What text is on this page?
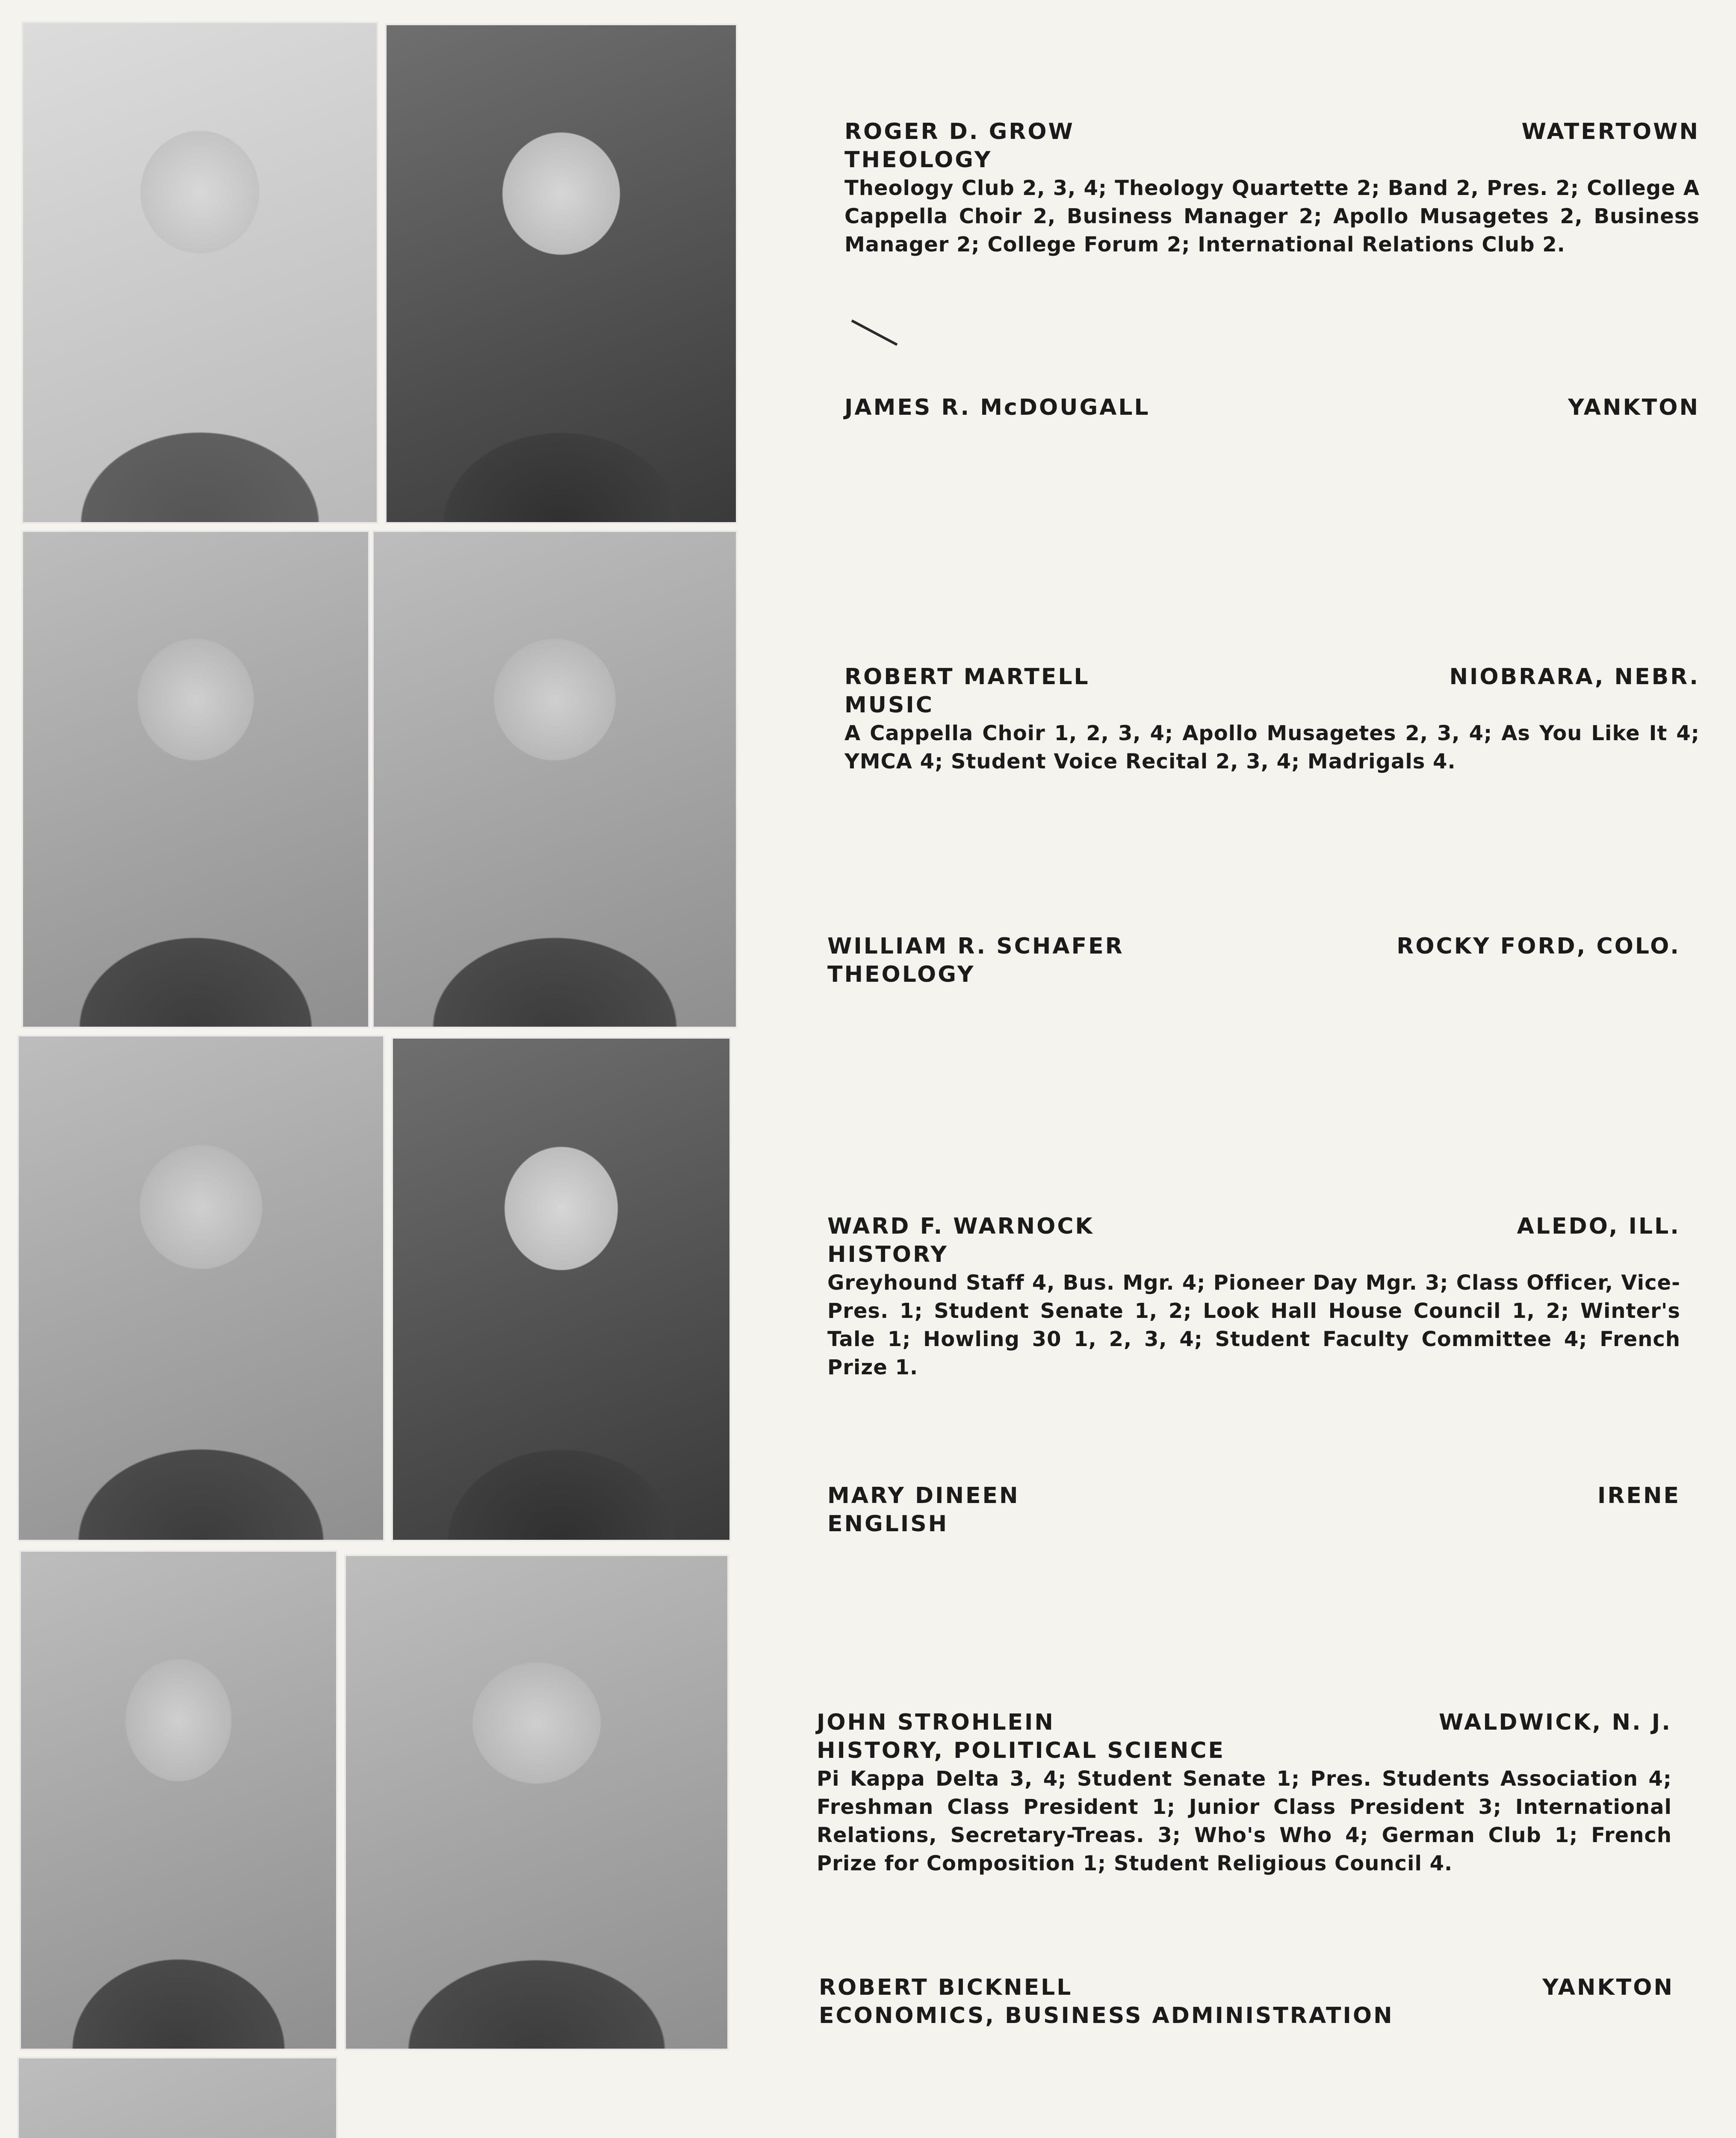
ROGER D. GROW	WATERTOWN
THEOLOGY

Theology Club 2, 3, 4; Theology Quartette 2; Band 2, Pres. 2; College A Cappella Choir 2, Business Manager 2; Apollo Musagetes 2, Business Manager 2; College Forum 2; International Relations Club 2.

JAMES R. McDOUGALL	YANKTON
ROBERT MARTELL	NIOBRARA, NEBR.
MUSIC

A Cappella Choir 1, 2, 3, 4; Apollo Musagetes 2, 3, 4; As You Like It 4; YMCA 4; Student Voice Recital 2, 3, 4; Madrigals 4.

WILLIAM R. SCHAFER	ROCKY FORD, COLO.
THEOLOGY
WARD F. WARNOCK	ALEDO, ILL.
HISTORY

Greyhound Staff 4, Bus. Mgr. 4; Pioneer Day Mgr. 3; Class Officer, Vice-Pres. 1; Student Senate 1, 2; Look Hall House Council 1, 2; Winter's Tale 1; Howling 30 1, 2, 3, 4; Student Faculty Committee 4; French Prize 1.

MARY DINEEN	IRENE
ENGLISH
JOHN STROHLEIN	WALDWICK, N. J.
HISTORY, POLITICAL SCIENCE

Pi Kappa Delta 3, 4; Student Senate 1; Pres. Students Association 4; Freshman Class President 1; Junior Class President 3; International Relations, Secretary-Treas. 3; Who's Who 4; German Club 1; French Prize for Composition 1; Student Religious Council 4.

ROBERT BICKNELL	YANKTON
ECONOMICS, BUSINESS ADMINISTRATION
